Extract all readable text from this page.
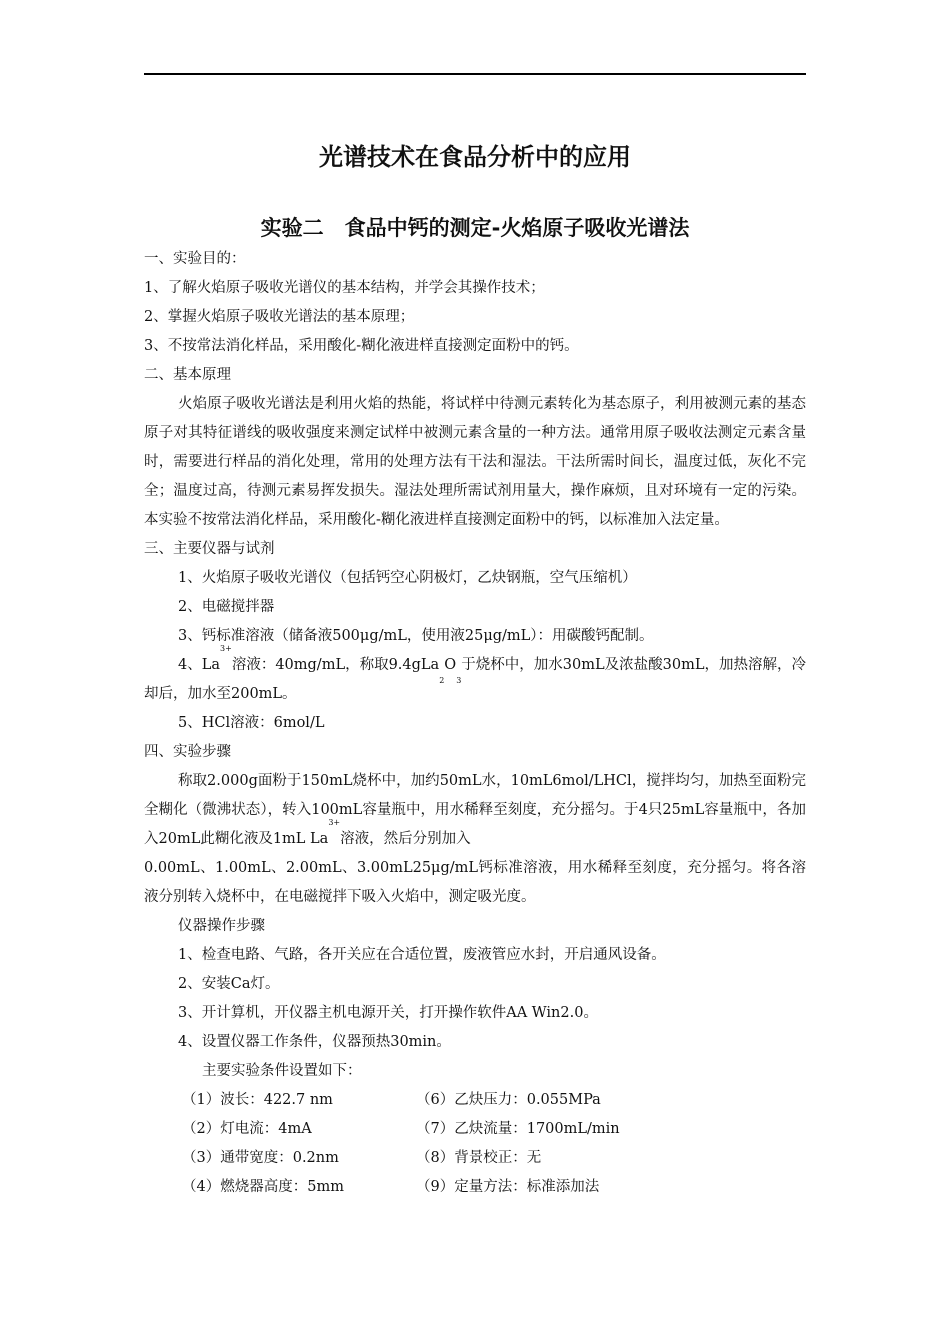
光谱技术在食品分析中的应用
实验二　食品中钙的测定-火焰原子吸收光谱法

一、实验目的：

1、了解火焰原子吸收光谱仪的基本结构，并学会其操作技术；

2、掌握火焰原子吸收光谱法的基本原理；

3、不按常法消化样品，采用酸化-糊化液进样直接测定面粉中的钙。

二、基本原理

火焰原子吸收光谱法是利用火焰的热能，将试样中待测元素转化为基态原子，利用被测元素的基态原子对其特征谱线的吸收强度来测定试样中被测元素含量的一种方法。通常用原子吸收法测定元素含量时，需要进行样品的消化处理，常用的处理方法有干法和湿法。干法所需时间长，温度过低，灰化不完全；温度过高，待测元素易挥发损失。湿法处理所需试剂用量大，操作麻烦，且对环境有一定的污染。本实验不按常法消化样品，采用酸化-糊化液进样直接测定面粉中的钙，以标准加入法定量。

三、主要仪器与试剂

1、火焰原子吸收光谱仪（包括钙空心阴极灯，乙炔钢瓶，空气压缩机）

2、电磁搅拌器

3、钙标准溶液（储备液500μg/mL，使用液25μg/mL）：用碳酸钙配制。

4、$La^{3+}$溶液：40mg/mL，称取$9.4gLa_2O_3$于烧杯中，加水30mL及浓盐酸30mL，加热溶解，冷却后，加水至200mL。

5、HCl溶液：6mol/L

四、实验步骤

称取2.000g面粉于150mL烧杯中，加约50mL水，10mL6mol/LHCl，搅拌均匀，加热至面粉完全糊化（微沸状态），转入100mL容量瓶中，用水稀释至刻度，充分摇匀。于4只25mL容量瓶中，各加入20mL此糊化液及1mL $La^{3+}$溶液，然后分别加入

0.00mL、1.00mL、2.00mL、3.00mL25μg/mL钙标准溶液，用水稀释至刻度，充分摇匀。将各溶液分别转入烧杯中，在电磁搅拌下吸入火焰中，测定吸光度。

仪器操作步骤

1、检查电路、气路，各开关应在合适位置，废液管应水封，开启通风设备。

2、安装Ca灯。

3、开计算机，开仪器主机电源开关，打开操作软件AA Win2.0。

4、设置仪器工作条件，仪器预热30min。

主要实验条件设置如下：

（1）波长：422.7 nm	（6）乙炔压力：0.055MPa
（2）灯电流：4mA	（7）乙炔流量：1700mL/min
（3）通带宽度：0.2nm	（8）背景校正：无
（4）燃烧器高度：5mm	（9）定量方法：标准添加法
